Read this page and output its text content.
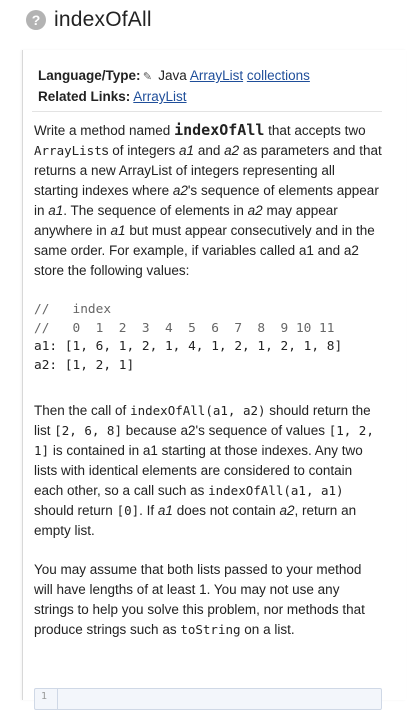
? indexOfAll
Language/Type: ✎ Java ArrayList collections
Related Links: ArrayList
Write a method named indexOfAll that accepts two ArrayLists of integers a1 and a2 as parameters and that returns a new ArrayList of integers representing all starting indexes where a2's sequence of elements appear in a1. The sequence of elements in a2 may appear anywhere in a1 but must appear consecutively and in the same order. For example, if variables called a1 and a2 store the following values:
//   index
//   0  1  2  3  4  5  6  7  8  9 10 11
a1: [1, 6, 1, 2, 1, 4, 1, 2, 1, 2, 1, 8]
a2: [1, 2, 1]
Then the call of indexOfAll(a1, a2) should return the list [2, 6, 8] because a2's sequence of values [1, 2, 1] is contained in a1 starting at those indexes. Any two lists with identical elements are considered to contain each other, so a call such as indexOfAll(a1, a1) should return [0]. If a1 does not contain a2, return an empty list.
You may assume that both lists passed to your method will have lengths of at least 1. You may not use any strings to help you solve this problem, nor methods that produce strings such as toString on a list.
1
